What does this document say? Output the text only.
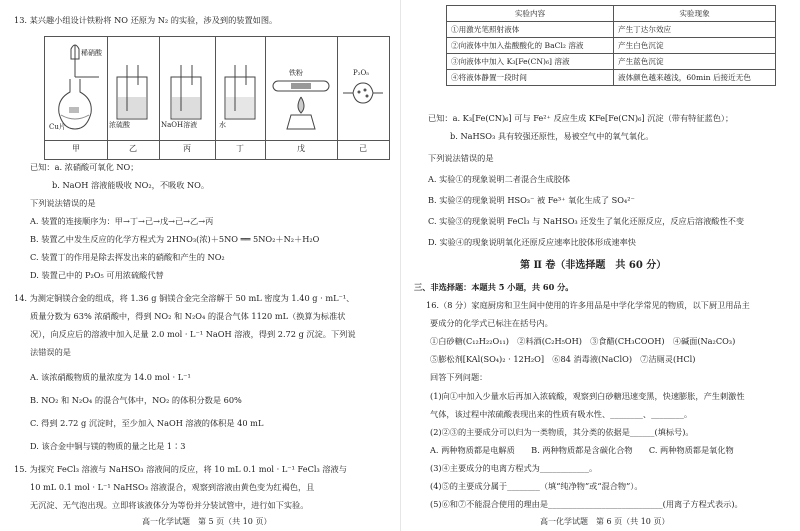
13. 某兴趣小组设计铁粉将 NO 还原为 N₂ 的实验，涉及到的装置如图。
稀硝酸
Cu片
甲
浓硫酸
乙
NaOH溶液
丙
水
丁
铁粉
戊
P₂O₅
己
已知：a. 浓硝酸可氧化 NO；
b. NaOH 溶液能吸收 NO₂，不吸收 NO。
下列说法错误的是
A. 装置的连接顺序为：甲→丁→己→戊→己→乙→丙
B. 装置乙中发生反应的化学方程式为 2HNO₃(浓)＋5NO ══ 5NO₂＋N₂＋H₂O
C. 装置丁的作用是除去挥发出来的硝酸和产生的 NO₂
D. 装置己中的 P₂O₅ 可用浓硫酸代替
14. 为测定铜镁合金的组成，将 1.36 g 铜镁合金完全溶解于 50 mL 密度为 1.40 g · mL⁻¹、
质量分数为 63% 浓硝酸中，得到 NO₂ 和 N₂O₄ 的混合气体 1120 mL（换算为标准状
况），向反应后的溶液中加入足量 2.0 mol · L⁻¹ NaOH 溶液，得到 2.72 g 沉淀。下列说
法错误的是
A. 该浓硝酸物质的量浓度为 14.0 mol · L⁻¹
B. NO₂ 和 N₂O₄ 的混合气体中，NO₂ 的体积分数是 60%
C. 得到 2.72 g 沉淀时，至少加入 NaOH 溶液的体积是 40 mL
D. 该合金中铜与镁的物质的量之比是 1∶3
15. 为探究 FeCl₃ 溶液与 NaHSO₃ 溶液间的反应，将 10 mL 0.1 mol · L⁻¹ FeCl₃ 溶液与
10 mL 0.1 mol · L⁻¹ NaHSO₃ 溶液混合，观察到溶液由黄色变为红褐色，且
无沉淀、无气泡出现。立即将该液体分为等份并分装试管中，进行如下实验。
高一化学试题　第 5 页（共 10 页）
实验内容	实验现象
①用激光笔照射液体	产生丁达尔效应
②向液体中加入盐酸酸化的 BaCl₂ 溶液	产生白色沉淀
③向液体中加入 K₃[Fe(CN)₆] 溶液	产生蓝色沉淀
④将液体静置一段时间	液体颜色越来越浅，60min 后接近无色
已知：a. K₃[Fe(CN)₆] 可与 Fe²⁺ 反应生成 KFe[Fe(CN)₆] 沉淀（带有特征蓝色）；
b. NaHSO₃ 具有较强还原性，易被空气中的氧气氧化。
下列说法错误的是
A. 实验①的现象说明二者混合生成胶体
B. 实验②的现象说明 HSO₃⁻ 被 Fe³⁺ 氧化生成了 SO₄²⁻
C. 实验③的现象说明 FeCl₃ 与 NaHSO₃ 还发生了氧化还原反应，反应后溶液酸性不变
D. 实验④的现象说明氧化还原反应速率比胶体形成速率快
第 Ⅱ 卷（非选择题　共 60 分）
三、非选择题：本题共 5 小题，共 60 分。
16.（8 分）家庭厨房和卫生间中使用的许多用品是中学化学常见的物质，以下厨卫用品主
要成分的化学式已标注在括号内。
①白砂糖(C₁₂H₂₂O₁₁)　②料酒(C₂H₅OH)　③食醋(CH₃COOH)　④碱面(Na₂CO₃)
⑤膨松剂[KAl(SO₄)₂ · 12H₂O]　⑥84 消毒液(NaClO)　⑦洁厕灵(HCl)
回答下列问题：
(1)向①中加入少量水后再加入浓硫酸，观察到白砂糖迅速变黑，快速膨胀，产生刺激性
气体，该过程中浓硫酸表现出来的性质有吸水性、________、________。
(2)②③的主要成分可以归为一类物质，其分类的依据是______(填标号)。
A. 两种物质都是电解质　　B. 两种物质都是含碳化合物　　C. 两种物质都是氧化物
(3)④主要成分的电离方程式为____________。
(4)⑤的主要成分属于________（填“纯净物”或“混合物”）。
(5)⑥和⑦不能混合使用的理由是____________________________(用离子方程式表示)。
高一化学试题　第 6 页（共 10 页）
